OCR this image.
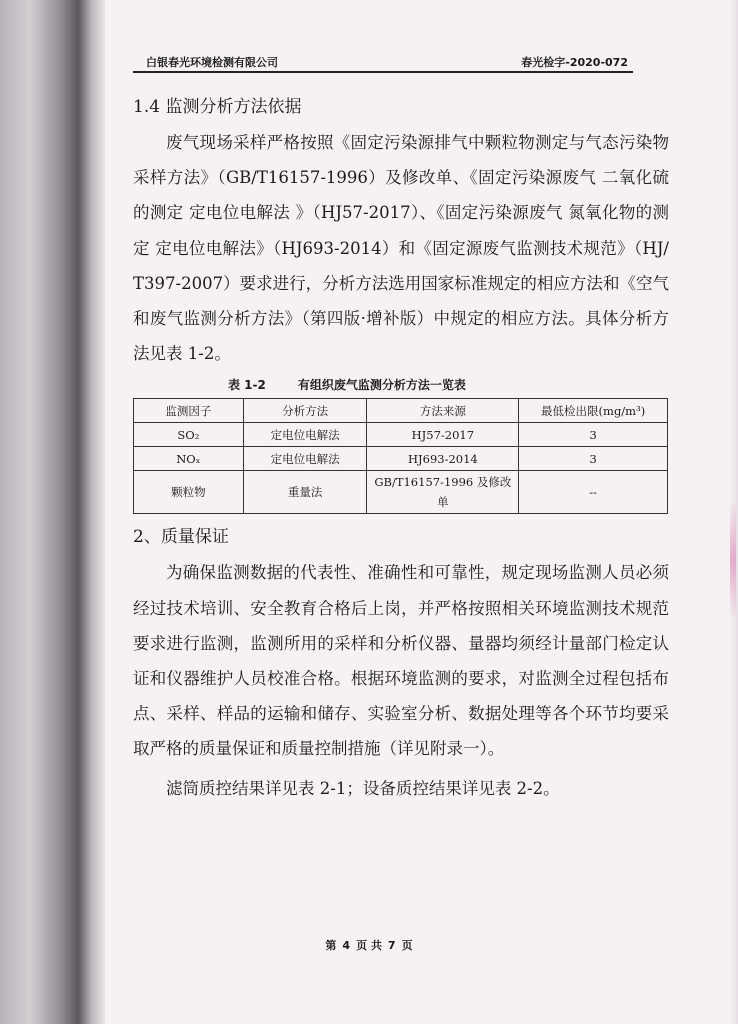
白银春光环境检测有限公司	春光检字-2020-072
1.4 监测分析方法依据

废气现场采样严格按照《固定污染源排气中颗粒物测定与气态污染物采样方法》（GB/T16157-1996）及修改单、《固定污染源废气 二氧化硫的测定 定电位电解法 》（HJ57-2017）、《固定污染源废气 氮氧化物的测定 定电位电解法》（HJ693-2014）和《固定源废气监测技术规范》（HJ/T397-2007）要求进行，分析方法选用国家标准规定的相应方法和《空气和废气监测分析方法》（第四版·增补版）中规定的相应方法。具体分析方法见表 1-2。

表 1-2	有组织废气监测分析方法一览表
监测因子	分析方法	方法来源	最低检出限(mg/m³)
SO₂	定电位电解法	HJ57-2017	3
NOₓ	定电位电解法	HJ693-2014	3
颗粒物	重量法	GB/T16157-1996 及修改单	--
2、质量保证

为确保监测数据的代表性、准确性和可靠性，规定现场监测人员必须经过技术培训、安全教育合格后上岗，并严格按照相关环境监测技术规范要求进行监测，监测所用的采样和分析仪器、量器均须经计量部门检定认证和仪器维护人员校准合格。根据环境监测的要求，对监测全过程包括布点、采样、样品的运输和储存、实验室分析、数据处理等各个环节均要采取严格的质量保证和质量控制措施（详见附录一）。

滤筒质控结果详见表 2-1；设备质控结果详见表 2-2。

第 4 页 共 7 页
